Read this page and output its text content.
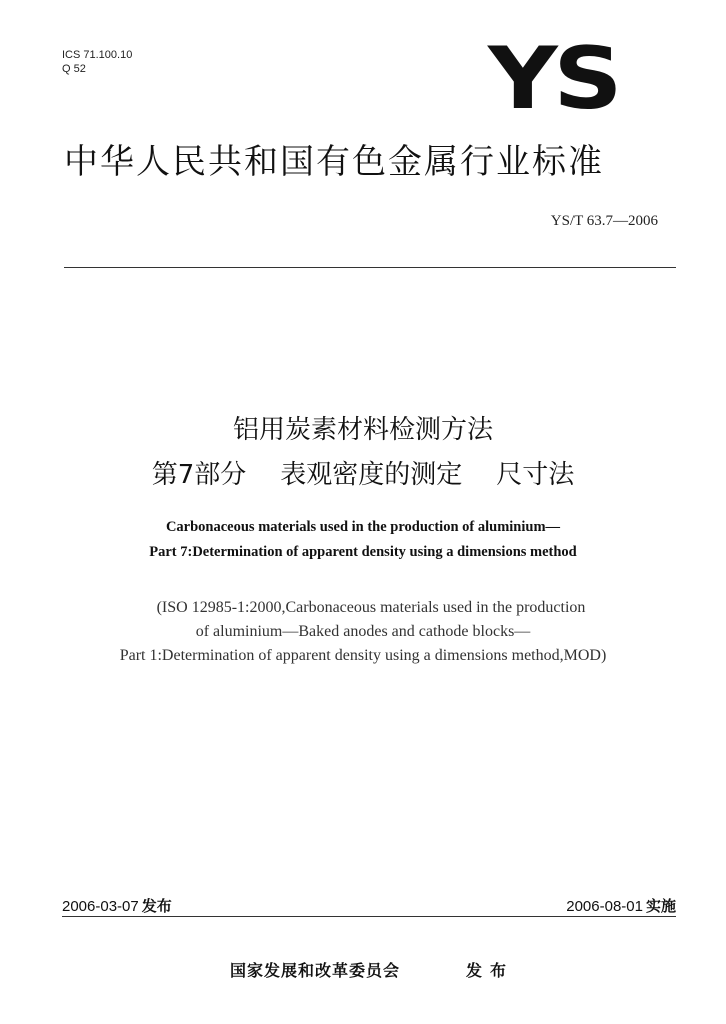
ICS 71.100.10
Q 52	YS
中华人民共和国有色金属行业标准
YS/T 63.7—2006
铝用炭素材料检测方法
第7部分 表观密度的测定 尺寸法
Carbonaceous materials used in the production of aluminium—
Part 7:Determination of apparent density using a dimensions method
(ISO 12985-1:2000,Carbonaceous materials used in the production
of aluminium—Baked anodes and cathode blocks—
Part 1:Determination of apparent density using a dimensions method,MOD)
2006-03-07 发布	2006-08-01 实施
国家发展和改革委员会	发布
